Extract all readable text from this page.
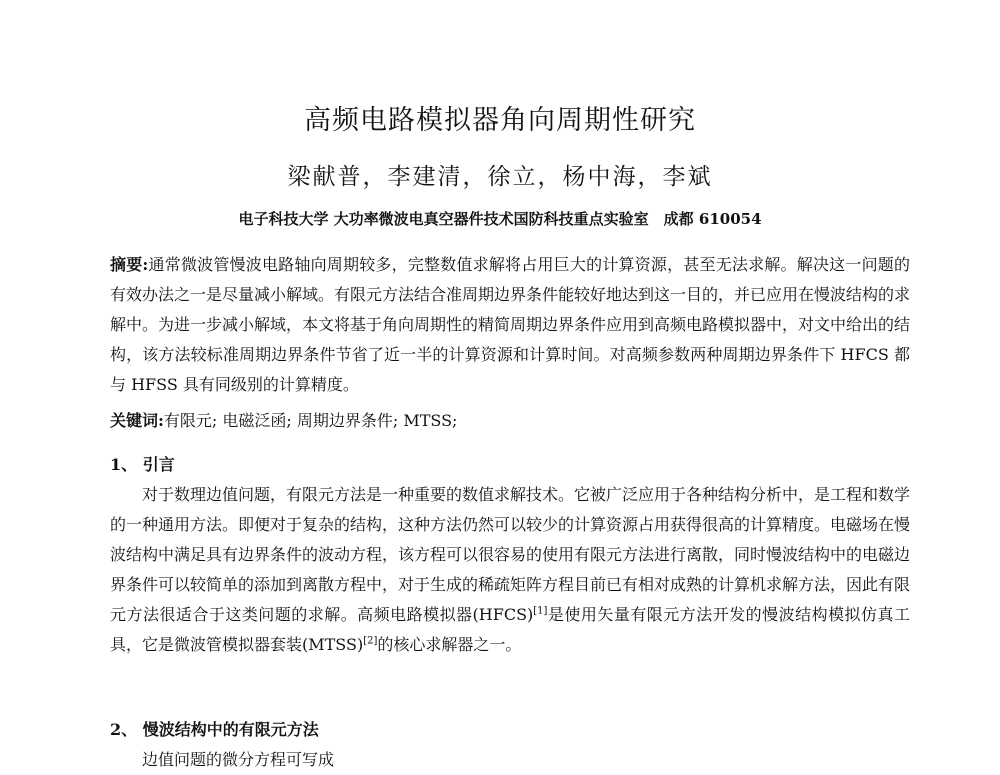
高频电路模拟器角向周期性研究
梁献普，李建清，徐立，杨中海，李斌
电子科技大学 大功率微波电真空器件技术国防科技重点实验室　成都 610054
摘要:通常微波管慢波电路轴向周期较多，完整数值求解将占用巨大的计算资源，甚至无法求解。解决这一问题的有效办法之一是尽量减小解域。有限元方法结合准周期边界条件能较好地达到这一目的，并已应用在慢波结构的求解中。为进一步减小解域，本文将基于角向周期性的精简周期边界条件应用到高频电路模拟器中，对文中给出的结构，该方法较标准周期边界条件节省了近一半的计算资源和计算时间。对高频参数两种周期边界条件下 HFCS 都与 HFSS 具有同级别的计算精度。
关键词:有限元; 电磁泛函; 周期边界条件; MTSS;
1、 引言
对于数理边值问题，有限元方法是一种重要的数值求解技术。它被广泛应用于各种结构分析中，是工程和数学的一种通用方法。即便对于复杂的结构，这种方法仍然可以较少的计算资源占用获得很高的计算精度。电磁场在慢波结构中满足具有边界条件的波动方程，该方程可以很容易的使用有限元方法进行离散，同时慢波结构中的电磁边界条件可以较简单的添加到离散方程中，对于生成的稀疏矩阵方程目前已有相对成熟的计算机求解方法，因此有限元方法很适合于这类问题的求解。高频电路模拟器(HFCS)[1]是使用矢量有限元方法开发的慢波结构模拟仿真工具，它是微波管模拟器套装(MTSS)[2]的核心求解器之一。
2、 慢波结构中的有限元方法
边值问题的微分方程可写成
